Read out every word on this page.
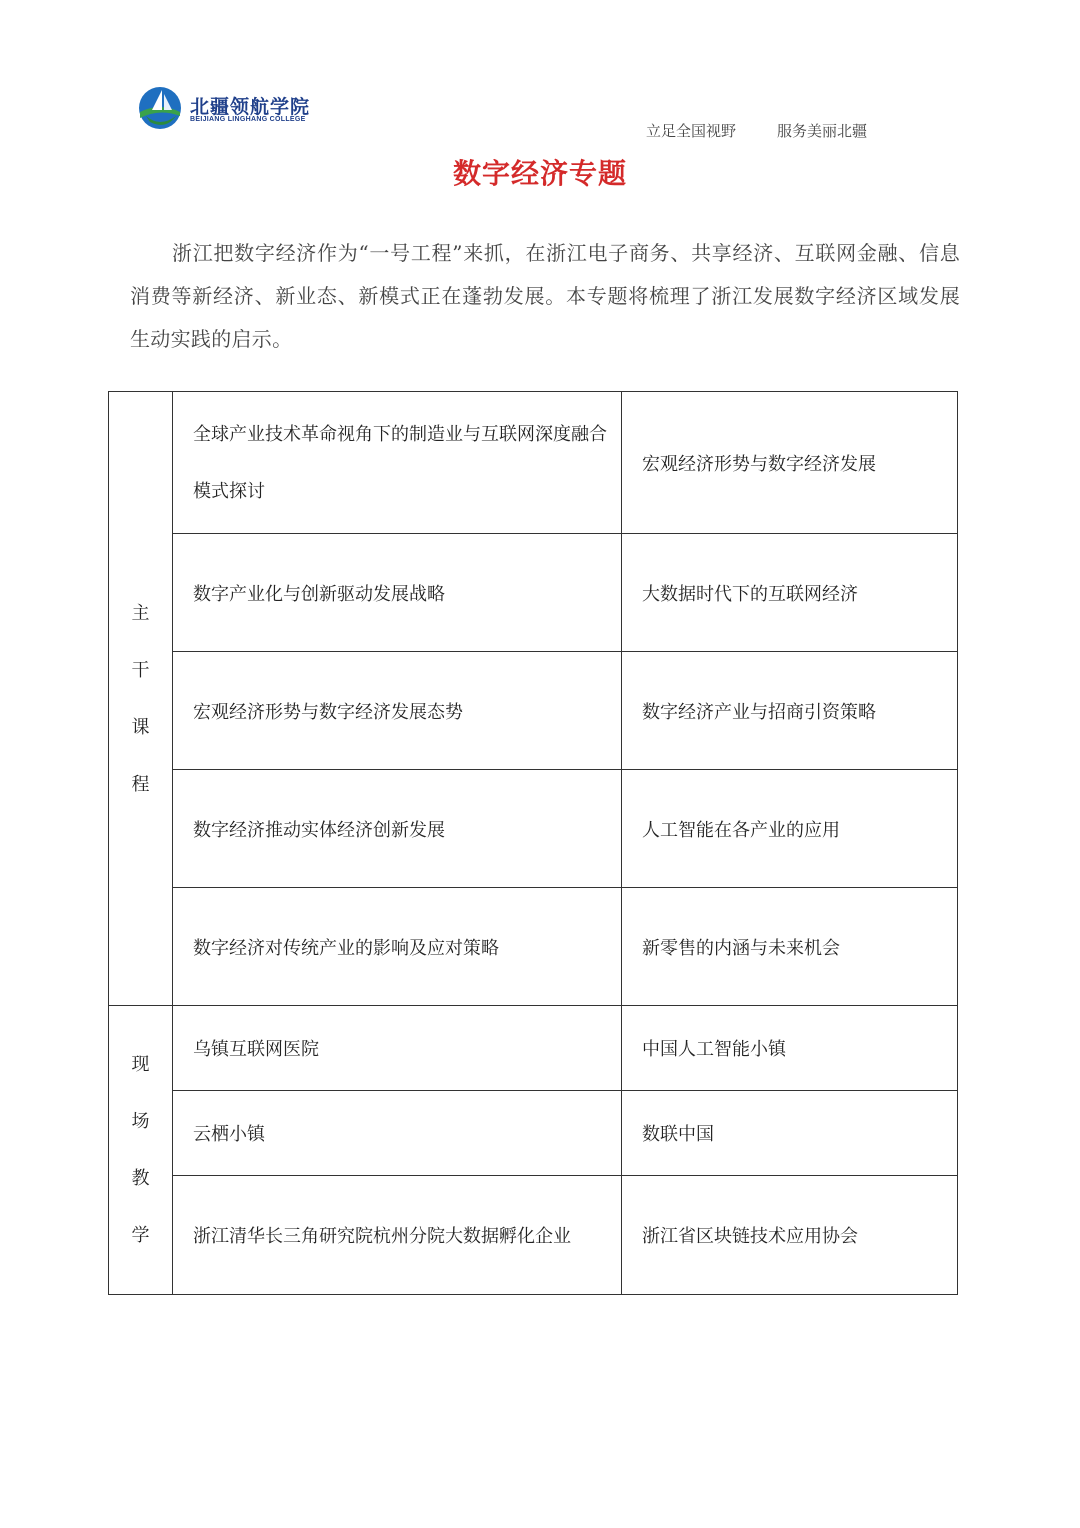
北疆领航学院
BEIJIANG LINGHANG COLLEGE
立足全国视野	服务美丽北疆
数字经济专题
浙江把数字经济作为“一号工程”来抓，在浙江电子商务、共享经济、互联网金融、信息消费等新经济、新业态、新模式正在蓬勃发展。本专题将梳理了浙江发展数字经济区域发展生动实践的启示。
主干课程	全球产业技术革命视角下的制造业与互联网深度融合模式探讨	宏观经济形势与数字经济发展
	数字产业化与创新驱动发展战略	大数据时代下的互联网经济
	宏观经济形势与数字经济发展态势	数字经济产业与招商引资策略
	数字经济推动实体经济创新发展	人工智能在各产业的应用
	数字经济对传统产业的影响及应对策略	新零售的内涵与未来机会
现场教学	乌镇互联网医院	中国人工智能小镇
	云栖小镇	数联中国
	浙江清华长三角研究院杭州分院大数据孵化企业	浙江省区块链技术应用协会
